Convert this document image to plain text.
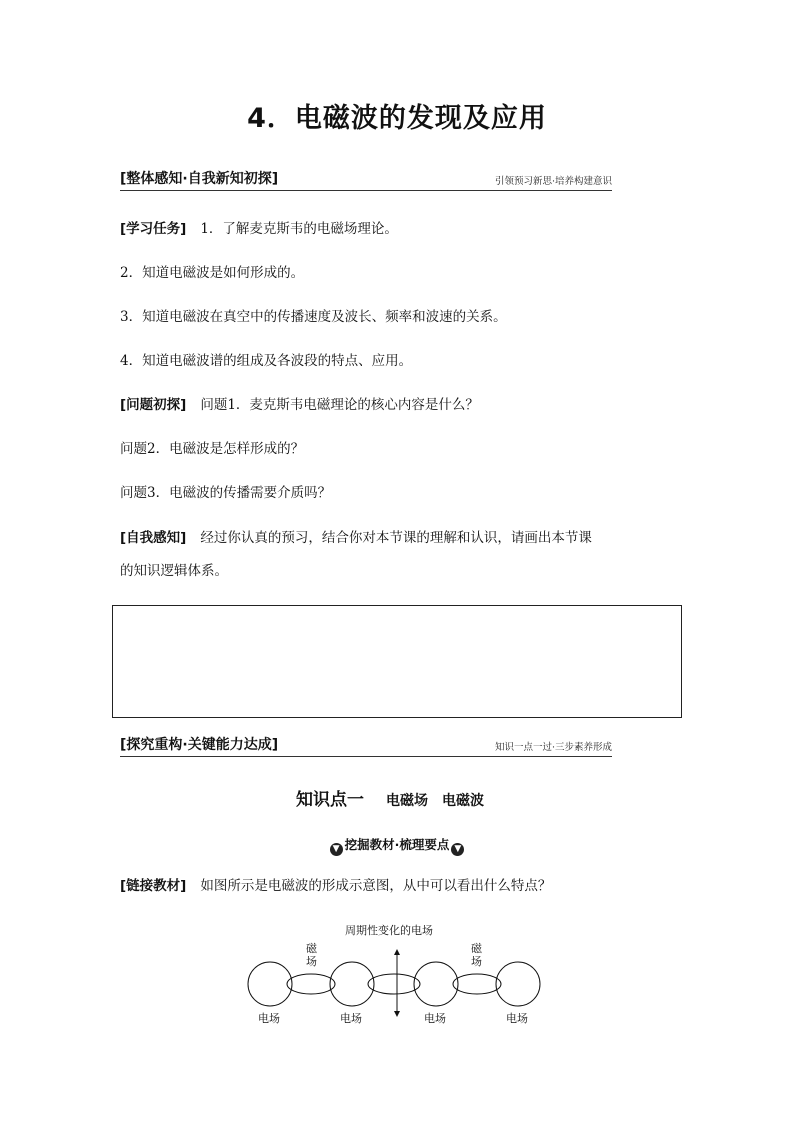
4．电磁波的发现及应用
[整体感知·自我新知初探]	引领预习新思·培养构建意识
[学习任务] 1．了解麦克斯韦的电磁场理论。
2．知道电磁波是如何形成的。
3．知道电磁波在真空中的传播速度及波长、频率和波速的关系。
4．知道电磁波谱的组成及各波段的特点、应用。
[问题初探] 问题1．麦克斯韦电磁理论的核心内容是什么？
问题2．电磁波是怎样形成的？
问题3．电磁波的传播需要介质吗？
[自我感知] 经过你认真的预习，结合你对本节课的理解和认识，请画出本节课
的知识逻辑体系。
[探究重构·关键能力达成]	知识一点一过·三步素养形成
知识点一 电磁场 电磁波
▼ 挖掘教材·梳理要点 ▼
[链接教材] 如图所示是电磁波的形成示意图，从中可以看出什么特点？
周期性变化的电场
磁
场
磁
场
电场	电场	电场	电场
